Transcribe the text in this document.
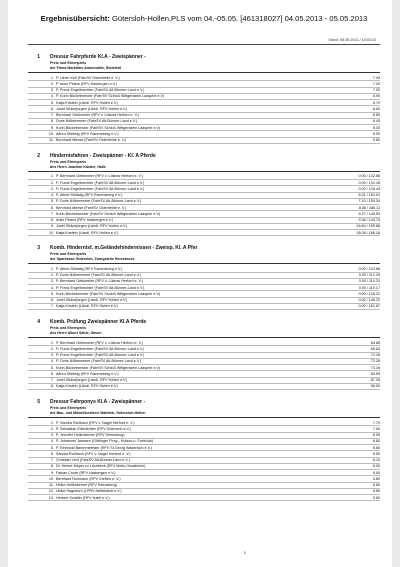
Ergebnisübersicht: Gütersloh-Hollen,PLS vom 04.-05.05. [461318027] 04.05.2013 - 05.05.2013
Stand: 05.05.2013 / 18:03:33
1	Dressur Fahrpferde Kl.A - Zweispänner -
Preis und Ehrenpreis
der Firma Marktläer Automobile, Bielefeld
1. P. Ulrich Keil (FahrSV Ostenfelde e. V.)	7.40
2. P. Anke Peters (RFV Hasbergen e.V.)	7.20
3. P. Franz Engelbrechter (FahrSV Alt-Bünner-Land e.V.)	7.00
4. P. Korin Bückebrender (FahrSV Schloß Wittgenstein Laasphe e.V)	6.90
5. Katja Kirstein (Ländl. RFV Hollen e.V.)	6.70
6. Josef Stükerjürgen (Ländl. RFV Hollen e.V.)	6.60
7. Bernhard Gebkmeier (RFV v. Lützow Herford e. V.)	6.60
8. Doris Nölkenmeier (FahrSV Alt-Bünner-Land e.V.)	6.40
9. Korin Bückebrender (FahrSV Schloß Wittgenstein Laasphe e.V)	6.30
10. Alfred Stöltwig (RFV Ravensberg e.V.)	6.00
11. Bernhard Meese (FahrSV Ostenfelde e. V.)	5.60
2	Hindernisfahren - Zweispänner - Kl. A Pferde
Preis und Ehrenpreis
des Herrn Joachim Kästler, Halle
1. P. Bernhard Gebkmeier (RFV v. Lützow Herford e. V.)	0.00 / 132.68
2. P. Franz Engelbrechter (FahrSV Alt-Bünner-Land e.V.)	0.00 / 131.18
3. P. Franz Engelbrechter (FahrSV Alt-Bünner-Land e.V.)	0.00 / 135.43
4. P. Alfred Stöltwig (RFV Ravensberg e.V.)	6.01 / 163.01
5. P. Doris Nölkenmeier (FahrSV Alt-Bünner-Land e.V.)	7.10 / 150.34
6. Bernhard Meese (FahrSV Ostenfelde e. V.)	8.06 / 166.11
7. Korin Bückebrender (FahrSV Schloß Wittgenstein Laasphe e.V)	6.27 / 146.54
8. Anke Peters (RFV Hasbergen e.V.)	9.36 / 143.74
9. Josef Stükerjürgen (Ländl. RFV Hollen e.V.)	16.60 / 159.88
10. Katja Kirstein (Ländl. RFV Hollen e.V.)	18.08 / 168.16
3	Komb. Hindernisf. m.Geländehindernissen - Zweisp. Kl. A Pfer
Preis und Ehrenpreis
der Sparkasse Gütersloh, Zweigstelle Herzebrock
1. P. Alfred Stöltwig (RFV Ravensberg e.V.)	0.00 / 103.66
2. P. Doris Nölkenmeier (FahrSV Alt-Bünner-Land e.V.)	0.00 / 112.29
3. P. Bernhard Gebkmeier (RFV v. Lützow Herford e. V.)	0.00 / 114.31
4. P. Franz Engelbrechter (FahrSV Alt-Bünner-Land e.V.)	0.00 / 119.17
5. Korin Bückebrender (FahrSV Schloß Wittgenstein Laasphe e.V)	0.00 / 126.32
6. Josef Stükerjürgen (Ländl. RFV Hollen e.V.)	0.00 / 146.32
7. Katja Kirstein (Ländl. RFV Hollen e.V.)	0.00 / 161.87
4	Komb. Prüfung Zweispänner Kl.A Pferde
Preis und Ehrenpreis
des Herrn Albert Sahle, Gaven
1. P. Bernhard Gebkmeier (RFV v. Lützow Herford e. V.)	64.86
2. P. Franz Engelbrechter (FahrSV Alt-Bünner-Land e.V.)	65.83
3. P. Franz Engelbrechter (FahrSV Alt-Bünner-Land e.V.)	72.28
4. P. Doris Nölkenmeier (FahrSV Alt-Bünner-Land e.V.)	72.26
5. Korin Bückebrender (FahrSV Schloß Wittgenstein Laasphe e.V)	73.26
6. Alfred Stöltwig (RFV Ravensberg e.V.)	83.99
7. Josef Stükerjürgen (Ländl. RFV Hollen e.V.)	87.39
8. Katja Kirstein (Ländl. RFV Hollen e.V.)	96.09
5	Dressur Fahrponys Kl.A - Zweispänner -
Preis und Ehrenpreis
der Bau- und Möbeltischlerei Mattrink, Gütersloh-Hollen
1. P. Sandra Roßbach (RFV v. Nagel Herford e. V.)	7.70
2. P. Sebastian Eikenkötter (RFV Gütersloh e.V.)	7.50
3. P. Jennifer Hollenkemer (RFV Heimsberg)	6.90
4. P. Johannes Janssen (Göttinger Pony-, Kutsch-u. Fahrclub)	6.80
5. P. Reinhold Barenmeiester (RFV St.Georg Wadersloh e.V.)	6.60
6. Sandra Roßbach (RFV v. Nagel Herford e. V.)	6.50
7. Christian Lehr (FahrSV Alt-Bünner-Land e.V.)	6.10
8. Dr. Heiner Meyer zu Lösebeck (RFV Melle-Osnabrück)	6.00
9. Fabian Crude (RFV Hasbergen e.V.)	6.00
10. Bernhard Rohmann (RFV Greffen e. V.)	5.80
11. Heike Hollenkemer (RFV Heimsberg)	5.80
12. Ulrike Hagedorn (LPRV Nettelstedt e.V.)	5.80
13. Herbert Schäfer (RFV Halle e.V.)	5.60
1
